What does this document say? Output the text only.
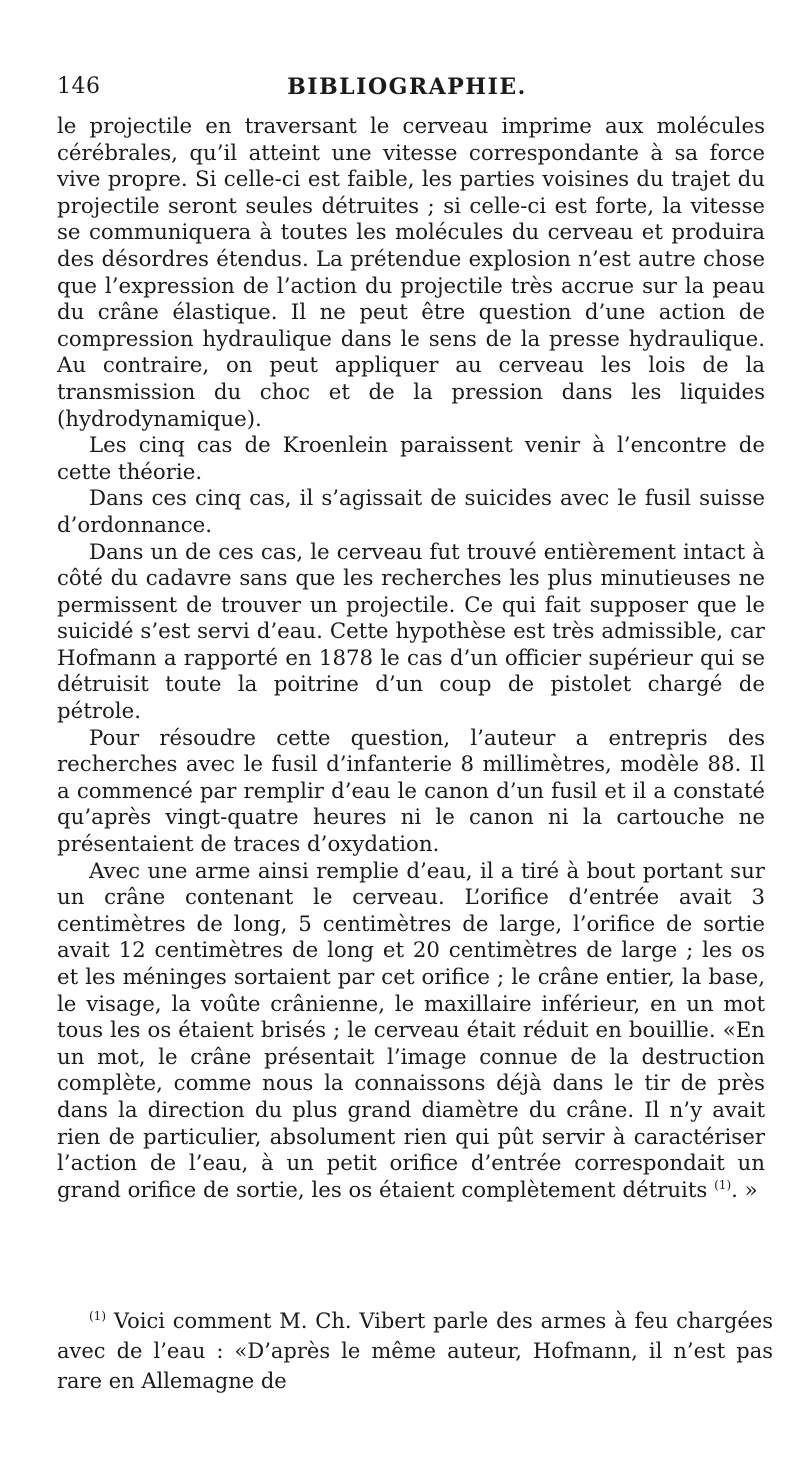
146	BIBLIOGRAPHIE.

le projectile en traversant le cerveau imprime aux molécules cérébrales, qu’il atteint une vitesse correspondante à sa force vive propre. Si celle-ci est faible, les parties voisines du trajet du projectile seront seules détruites ; si celle-ci est forte, la vitesse se communiquera à toutes les molécules du cerveau et produira des désordres étendus. La prétendue explosion n’est autre chose que l’expression de l’action du projectile très accrue sur la peau du crâne élastique. Il ne peut être question d’une action de compression hydraulique dans le sens de la presse hydraulique. Au contraire, on peut appliquer au cerveau les lois de la transmission du choc et de la pression dans les liquides (hydrodynamique).

Les cinq cas de Kroenlein paraissent venir à l’encontre de cette théorie.

Dans ces cinq cas, il s’agissait de suicides avec le fusil suisse d’ordonnance.

Dans un de ces cas, le cerveau fut trouvé entièrement intact à côté du cadavre sans que les recherches les plus minutieuses ne permissent de trouver un projectile. Ce qui fait supposer que le suicidé s’est servi d’eau. Cette hypothèse est très admissible, car Hofmann a rapporté en 1878 le cas d’un officier supérieur qui se détruisit toute la poitrine d’un coup de pistolet chargé de pétrole.

Pour résoudre cette question, l’auteur a entrepris des recherches avec le fusil d’infanterie 8 millimètres, modèle 88. Il a commencé par remplir d’eau le canon d’un fusil et il a constaté qu’après vingt-quatre heures ni le canon ni la cartouche ne présentaient de traces d’oxydation.

Avec une arme ainsi remplie d’eau, il a tiré à bout portant sur un crâne contenant le cerveau. L’orifice d’entrée avait 3 centimètres de long, 5 centimètres de large, l’orifice de sortie avait 12 centimètres de long et 20 centimètres de large ; les os et les méninges sortaient par cet orifice ; le crâne entier, la base, le visage, la voûte crânienne, le maxillaire inférieur, en un mot tous les os étaient brisés ; le cerveau était réduit en bouillie. «En un mot, le crâne présentait l’image connue de la destruction complète, comme nous la connaissons déjà dans le tir de près dans la direction du plus grand diamètre du crâne. Il n’y avait rien de particulier, absolument rien qui pût servir à caractériser l’action de l’eau, à un petit orifice d’entrée correspondait un grand orifice de sortie, les os étaient complètement détruits $^{(1)}$. »

$^{(1)}$ Voici comment M. Ch. Vibert parle des armes à feu chargées avec de l’eau : «D’après le même auteur, Hofmann, il n’est pas rare en Allemagne de
